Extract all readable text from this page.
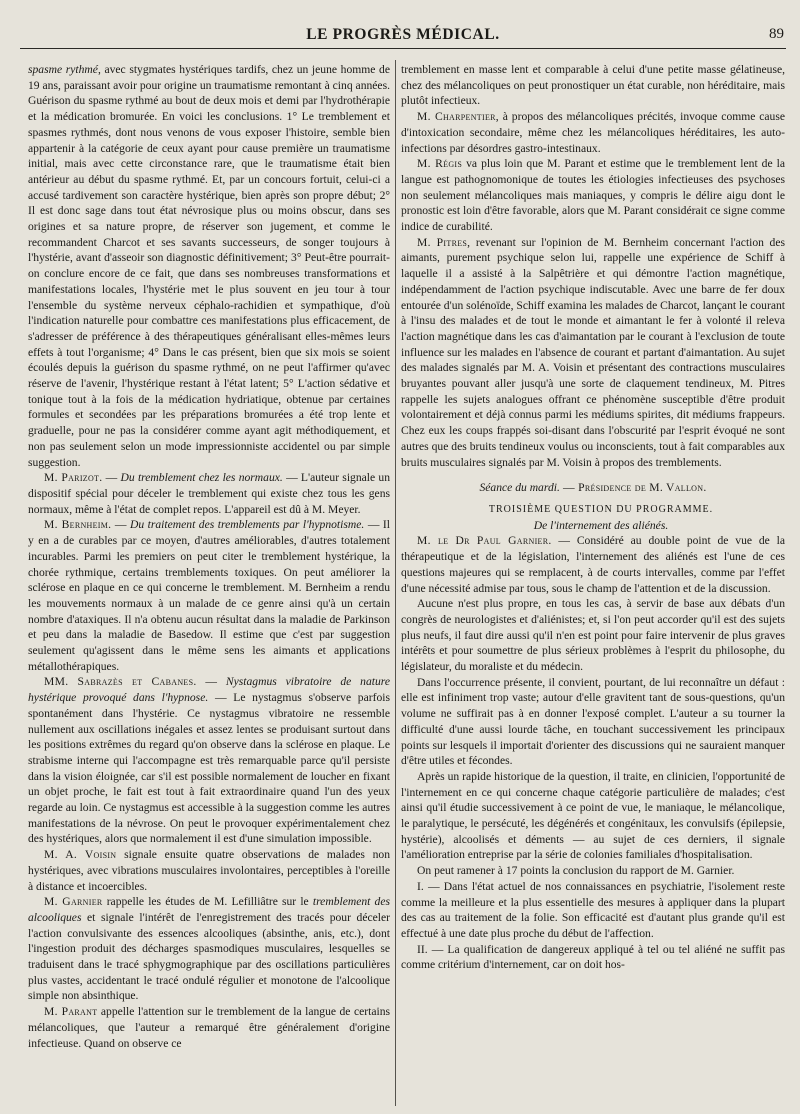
LE PROGRÈS MÉDICAL.	89

spasme rythmé, avec stygmates hystériques tardifs, chez un jeune homme de 19 ans, paraissant avoir pour origine un traumatisme remontant à cinq années. Guérison du spasme rythmé au bout de deux mois et demi par l'hydrothérapie et la médication bromurée. En voici les conclusions. 1° Le tremblement et spasmes rythmés, dont nous venons de vous exposer l'histoire, semble bien appartenir à la catégorie de ceux ayant pour cause première un traumatisme initial, mais avec cette circonstance rare, que le traumatisme était bien antérieur au début du spasme rythmé. Et, par un concours fortuit, celui-ci a accusé tardivement son caractère hystérique, bien après son propre début; 2° Il est donc sage dans tout état névrosique plus ou moins obscur, dans ses origines et sa nature propre, de réserver son jugement, et comme le recommandent Charcot et ses savants successeurs, de songer toujours à l'hystérie, avant d'asseoir son diagnostic définitivement; 3° Peut-être pourrait-on conclure encore de ce fait, que dans ses nombreuses transformations et manifestations locales, l'hystérie met le plus souvent en jeu tour à tour l'ensemble du système nerveux céphalo-rachidien et sympathique, d'où l'indication naturelle pour combattre ces manifestations plus efficacement, de s'adresser de préférence à des thérapeutiques généralisant elles-mêmes leurs effets à tout l'organisme; 4° Dans le cas présent, bien que six mois se soient écoulés depuis la guérison du spasme rythmé, on ne peut l'affirmer qu'avec réserve de l'avenir, l'hystérique restant à l'état latent; 5° L'action sédative et tonique tout à la fois de la médication hydriatique, obtenue par certaines formules et secondées par les préparations bromurées a été trop lente et graduelle, pour ne pas la considérer comme ayant agit méthodiquement, et non pas seulement selon un mode impressionniste accidentel ou par simple suggestion.

M. Parizot. — Du tremblement chez les normaux. — L'auteur signale un dispositif spécial pour déceler le tremblement qui existe chez tous les gens normaux, même à l'état de complet repos. L'appareil est dû à M. Meyer.

M. Bernheim. — Du traitement des tremblements par l'hypnotisme. — Il y en a de curables par ce moyen, d'autres améliorables, d'autres totalement incurables. Parmi les premiers on peut citer le tremblement hystérique, la chorée rythmique, certains tremblements toxiques. On peut améliorer la sclérose en plaque en ce qui concerne le tremblement. M. Bernheim a rendu les mouvements normaux à un malade de ce genre ainsi qu'à un certain nombre d'ataxiques. Il n'a obtenu aucun résultat dans la maladie de Parkinson et peu dans la maladie de Basedow. Il estime que c'est par suggestion seulement qu'agissent dans le même sens les aimants et applications métallothérapiques.

MM. Sabrazès et Cabanes. — Nystagmus vibratoire de nature hystérique provoqué dans l'hypnose. — Le nystagmus s'observe parfois spontanément dans l'hystérie. Ce nystagmus vibratoire ne ressemble nullement aux oscillations inégales et assez lentes se produisant surtout dans les positions extrêmes du regard qu'on observe dans la sclérose en plaque. Le strabisme interne qui l'accompagne est très remarquable parce qu'il persiste dans la vision éloignée, car s'il est possible normalement de loucher en fixant un objet proche, le fait est tout à fait extraordinaire quand l'un des yeux regarde au loin. Ce nystagmus est accessible à la suggestion comme les autres manifestations de la névrose. On peut le provoquer expérimentalement chez des hystériques, alors que normalement il est d'une simulation impossible.

M. A. Voisin signale ensuite quatre observations de malades non hystériques, avec vibrations musculaires involontaires, perceptibles à l'oreille à distance et incoercibles.

M. Garnier rappelle les études de M. Lefilliâtre sur le tremblement des alcooliques et signale l'intérêt de l'enregistrement des tracés pour déceler l'action convulsivante des essences alcooliques (absinthe, anis, etc.), dont l'ingestion produit des décharges spasmodiques musculaires, lesquelles se traduisent dans le tracé sphygmographique par des oscillations particulières plus vastes, accidentant le tracé ondulé régulier et monotone de l'alcoolique simple non absinthique.

M. Parant appelle l'attention sur le tremblement de la langue de certains mélancoliques, que l'auteur a remarqué être généralement d'origine infectieuse. Quand on observe ce

tremblement en masse lent et comparable à celui d'une petite masse gélatineuse, chez des mélancoliques on peut pronostiquer un état curable, non héréditaire, mais plutôt infectieux.

M. Charpentier, à propos des mélancoliques précités, invoque comme cause d'intoxication secondaire, même chez les mélancoliques héréditaires, les auto-infections par désordres gastro-intestinaux.

M. Régis va plus loin que M. Parant et estime que le tremblement lent de la langue est pathognomonique de toutes les étiologies infectieuses des psychoses non seulement mélancoliques mais maniaques, y compris le délire aigu dont le pronostic est loin d'être favorable, alors que M. Parant considérait ce signe comme indice de curabilité.

M. Pitres, revenant sur l'opinion de M. Bernheim concernant l'action des aimants, purement psychique selon lui, rappelle une expérience de Schiff à laquelle il a assisté à la Salpêtrière et qui démontre l'action magnétique, indépendamment de l'action psychique indiscutable. Avec une barre de fer doux entourée d'un solénoïde, Schiff examina les malades de Charcot, lançant le courant à l'insu des malades et de tout le monde et aimantant le fer à volonté il releva l'action magnétique dans les cas d'aimantation par le courant à l'exclusion de toute influence sur les malades en l'absence de courant et partant d'aimantation. Au sujet des malades signalés par M. A. Voisin et présentant des contractions musculaires bruyantes pouvant aller jusqu'à une sorte de claquement tendineux, M. Pitres rappelle les sujets analogues offrant ce phénomène susceptible d'être produit volontairement et déjà connus parmi les médiums spirites, dit médiums frappeurs. Chez eux les coups frappés soi-disant dans l'obscurité par l'esprit évoqué ne sont autres que des bruits tendineux voulus ou inconscients, tout à fait comparables aux bruits musculaires signalés par M. Voisin à propos des tremblements.

Séance du mardi. — Présidence de M. Vallon.

TROISIÈME QUESTION DU PROGRAMME.

De l'internement des aliénés.

M. le Dr Paul Garnier. — Considéré au double point de vue de la thérapeutique et de la législation, l'internement des aliénés est l'une de ces questions majeures qui se remplacent, à de courts intervalles, comme par l'effet d'une nécessité admise par tous, sous le champ de l'attention et de la discussion.

Aucune n'est plus propre, en tous les cas, à servir de base aux débats d'un congrès de neurologistes et d'aliénistes; et, si l'on peut accorder qu'il est des sujets plus neufs, il faut dire aussi qu'il n'en est point pour faire intervenir de plus graves intérêts et pour soumettre de plus sérieux problèmes à l'esprit du philosophe, du législateur, du moraliste et du médecin.

Dans l'occurrence présente, il convient, pourtant, de lui reconnaître un défaut : elle est infiniment trop vaste; autour d'elle gravitent tant de sous-questions, qu'un volume ne suffirait pas à en donner l'exposé complet. L'auteur a su tourner la difficulté d'une aussi lourde tâche, en touchant successivement les principaux points sur lesquels il importait d'orienter des discussions qui ne sauraient manquer d'être utiles et fécondes.

Après un rapide historique de la question, il traite, en clinicien, l'opportunité de l'internement en ce qui concerne chaque catégorie particulière de malades; c'est ainsi qu'il étudie successivement à ce point de vue, le maniaque, le mélancolique, le paralytique, le persécuté, les dégénérés et congénitaux, les convulsifs (épilepsie, hystérie), alcoolisés et déments — au sujet de ces derniers, il signale l'amélioration entreprise par la série de colonies familiales d'hospitalisation.

On peut ramener à 17 points la conclusion du rapport de M. Garnier.

I. — Dans l'état actuel de nos connaissances en psychiatrie, l'isolement reste comme la meilleure et la plus essentielle des mesures à appliquer dans la plupart des cas au traitement de la folie. Son efficacité est d'autant plus grande qu'il est effectué à une date plus proche du début de l'affection.

II. — La qualification de dangereux appliqué à tel ou tel aliéné ne suffit pas comme critérium d'internement, car on doit hos-
